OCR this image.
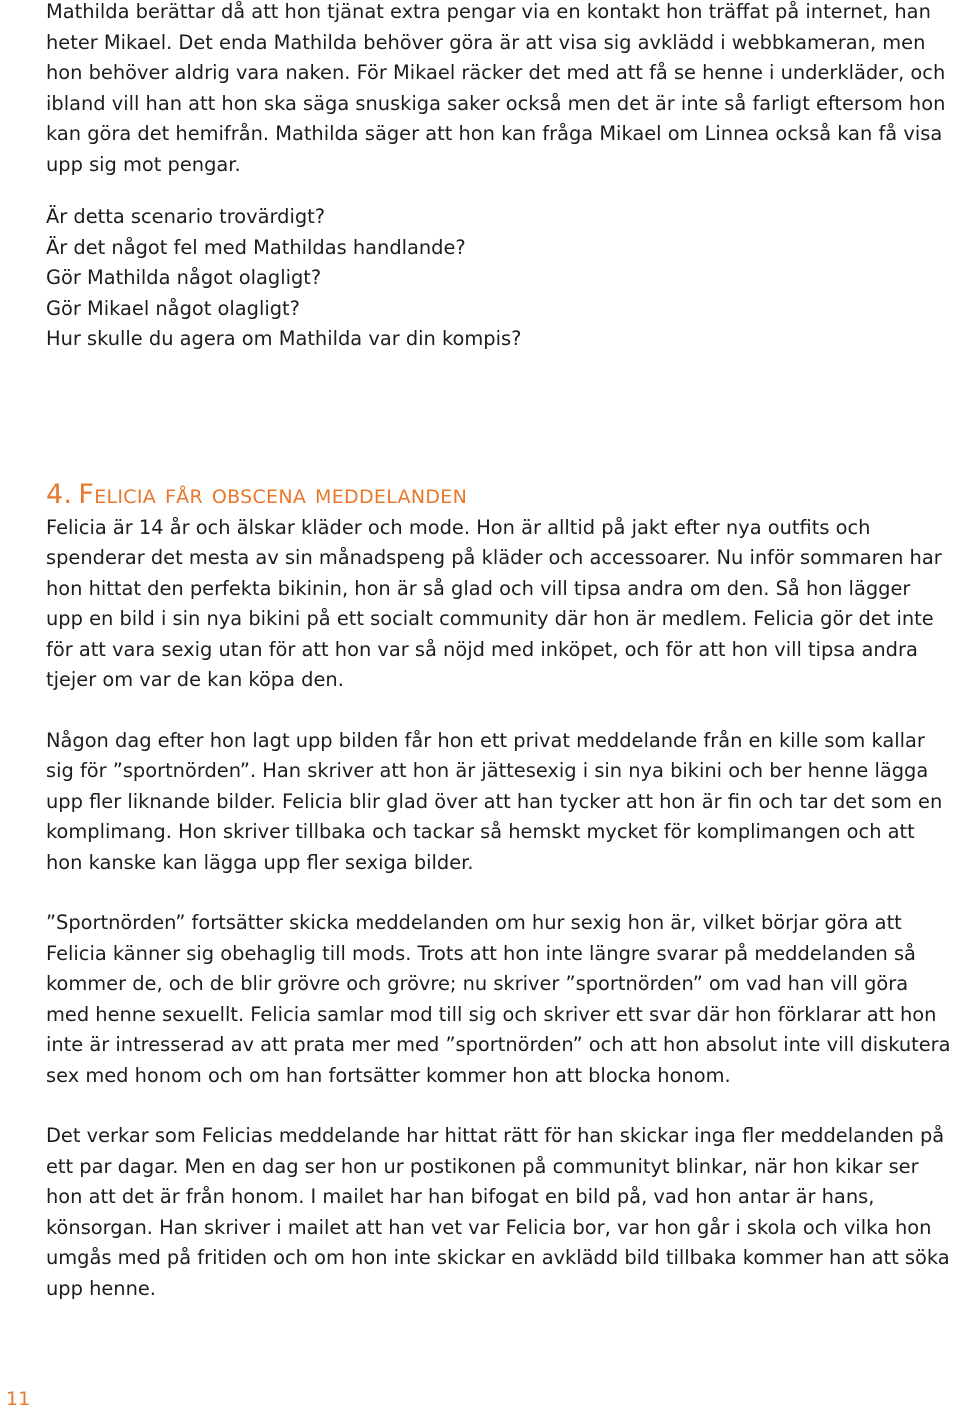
Mathilda berättar då att hon tjänat extra pengar via en kontakt hon träffat på internet, han heter Mikael. Det enda Mathilda behöver göra är att visa sig avklädd i webbkameran, men hon behöver aldrig vara naken. För Mikael räcker det med att få se henne i underkläder, och ibland vill han att hon ska säga snuskiga saker också men det är inte så farligt eftersom hon kan göra det hemifrån. Mathilda säger att hon kan fråga Mikael om Linnea också kan få visa upp sig mot pengar.

Är detta scenario trovärdigt?
Är det något fel med Mathildas handlande?
Gör Mathilda något olagligt?
Gör Mikael något olagligt?
Hur skulle du agera om Mathilda var din kompis?
4. Felicia får obscena meddelanden

Felicia är 14 år och älskar kläder och mode. Hon är alltid på jakt efter nya outfits och spenderar det mesta av sin månadspeng på kläder och accessoarer. Nu inför sommaren har hon hittat den perfekta bikinin, hon är så glad och vill tipsa andra om den. Så hon lägger upp en bild i sin nya bikini på ett socialt community där hon är medlem. Felicia gör det inte för att vara sexig utan för att hon var så nöjd med inköpet, och för att hon vill tipsa andra tjejer om var de kan köpa den.

Någon dag efter hon lagt upp bilden får hon ett privat meddelande från en kille som kallar sig för ”sportnörden”. Han skriver att hon är jättesexig i sin nya bikini och ber henne lägga upp fler liknande bilder. Felicia blir glad över att han tycker att hon är fin och tar det som en komplimang. Hon skriver tillbaka och tackar så hemskt mycket för komplimangen och att hon kanske kan lägga upp fler sexiga bilder.

”Sportnörden” fortsätter skicka meddelanden om hur sexig hon är, vilket börjar göra att Felicia känner sig obehaglig till mods. Trots att hon inte längre svarar på meddelanden så kommer de, och de blir grövre och grövre; nu skriver ”sportnörden” om vad han vill göra med henne sexuellt. Felicia samlar mod till sig och skriver ett svar där hon förklarar att hon inte är intresserad av att prata mer med ”sportnörden” och att hon absolut inte vill diskutera sex med honom och om han fortsätter kommer hon att blocka honom.

Det verkar som Felicias meddelande har hittat rätt för han skickar inga fler meddelanden på ett par dagar. Men en dag ser hon ur postikonen på communityt blinkar, när hon kikar ser hon att det är från honom. I mailet har han bifogat en bild på, vad hon antar är hans, könsorgan. Han skriver i mailet att han vet var Felicia bor, var hon går i skola och vilka hon umgås med på fritiden och om hon inte skickar en avklädd bild tillbaka kommer han att söka upp henne.

11
